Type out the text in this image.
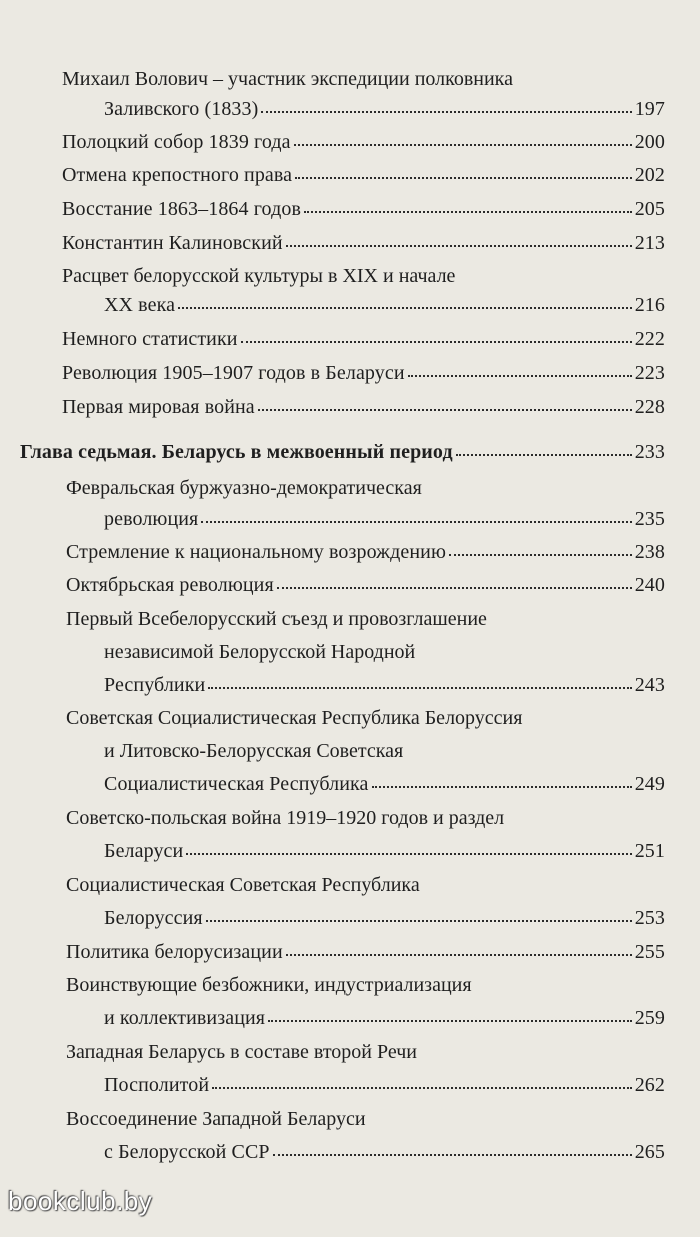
Михаил Волович – участник экспедиции полковника
Заливского (1833)	197
Полоцкий собор 1839 года	200
Отмена крепостного права	202
Восстание 1863–1864 годов	205
Константин Калиновский	213
Расцвет белорусской культуры в XIX и начале
XX века	216
Немного статистики	222
Революция 1905–1907 годов в Беларуси	223
Первая мировая война	228
Глава седьмая. Беларусь в межвоенный период	233
Февральская буржуазно-демократическая
революция	235
Стремление к национальному возрождению	238
Октябрьская революция	240
Первый Всебелорусский съезд и провозглашение
независимой Белорусской Народной
Республики	243
Советская Социалистическая Республика Белоруссия
и Литовско-Белорусская Советская
Социалистическая Республика	249
Советско-польская война 1919–1920 годов и раздел
Беларуси	251
Социалистическая Советская Республика
Белоруссия	253
Политика белорусизации	255
Воинствующие безбожники, индустриализация
и коллективизация	259
Западная Беларусь в составе второй Речи
Посполитой	262
Воссоединение Западной Беларуси
с Белорусской ССР	265
bookclub.by
